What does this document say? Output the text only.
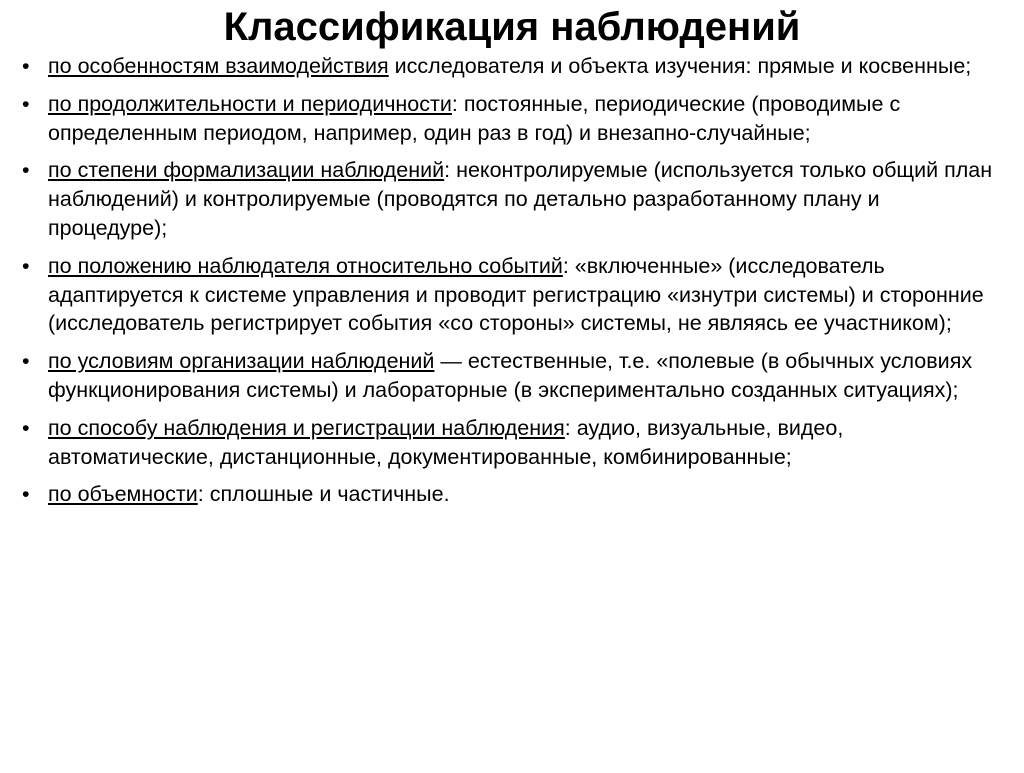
Классификация наблюдений
• по особенностям взаимодействия исследователя и объекта изучения: прямые и косвенные;
• по продолжительности и периодичности: постоянные, периодические (проводимые с определенным периодом, например, один раз в год) и внезапно-случайные;
• по степени формализации наблюдений: неконтролируемые (используется только общий план наблюдений) и контролируемые (проводятся по детально разработанному плану и процедуре);
• по положению наблюдателя относительно событий: «включенные» (исследователь адаптируется к системе управления и проводит регистрацию «изнутри системы) и сторонние (исследователь регистрирует события «со стороны» системы, не являясь ее участником);
• по условиям организации наблюдений — естественные, т.е. «полевые (в обычных условиях функционирования системы) и лабораторные (в экспериментально созданных ситуациях);
• по способу наблюдения и регистрации наблюдения: аудио, визуальные, видео, автоматические, дистанционные, документированные, комбинированные;
• по объемности: сплошные и частичные.
